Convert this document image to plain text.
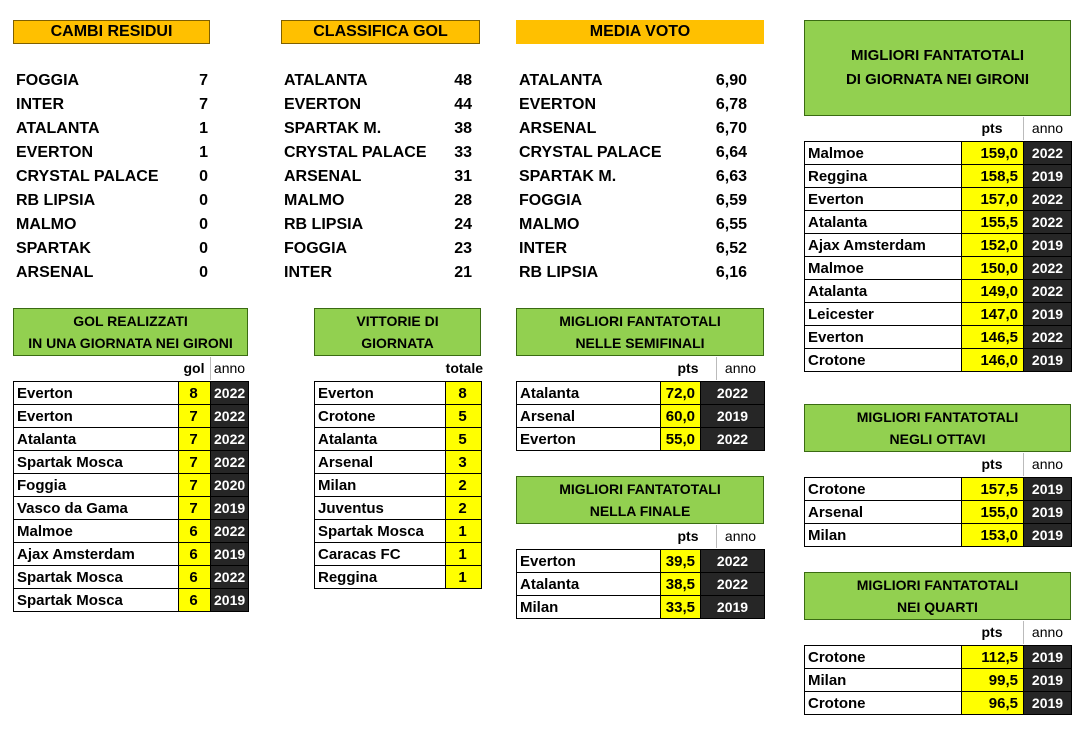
CAMBI RESIDUI	CLASSIFICA GOL	MEDIA VOTO
FOGGIA	7
INTER	7
ATALANTA	1
EVERTON	1
CRYSTAL PALACE	0
RB LIPSIA	0
MALMO	0
SPARTAK	0
ARSENAL	0
ATALANTA	48
EVERTON	44
SPARTAK M.	38
CRYSTAL PALACE 33
ARSENAL	31
MALMO	28
RB LIPSIA	24
FOGGIA	23
INTER	21
ATALANTA	6,90
EVERTON	6,78
ARSENAL	6,70
CRYSTAL PALACE	6,64
SPARTAK M.	6,63
FOGGIA	6,59
MALMO	6,55
INTER	6,52
RB LIPSIA	6,16
GOL REALIZZATI
IN UNA GIORNATA NEI GIRONI
gol anno
Everton	8	2022
Everton	7	2022
Atalanta	7	2022
Spartak Mosca	7	2022
Foggia	7	2020
Vasco da Gama	7	2019
Malmoe	6	2022
Ajax Amsterdam	6	2019
Spartak Mosca	6	2022
Spartak Mosca	6	2019
VITTORIE DI
GIORNATA
totale
Everton	8
Crotone	5
Atalanta	5
Arsenal	3
Milan	2
Juventus	2
Spartak Mosca	1
Caracas FC	1
Reggina	1
MIGLIORI FANTATOTALI
NELLE SEMIFINALI
pts	anno
Atalanta	72,0	2022
Arsenal	60,0	2019
Everton	55,0	2022
MIGLIORI FANTATOTALI
NELLA FINALE
pts	anno
Everton	39,5	2022
Atalanta	38,5	2022
Milan	33,5	2019
MIGLIORI FANTATOTALI
DI GIORNATA NEI GIRONI
pts	anno
Malmoe	159,0	2022
Reggina	158,5	2019
Everton	157,0	2022
Atalanta	155,5	2022
Ajax Amsterdam	152,0	2019
Malmoe	150,0	2022
Atalanta	149,0	2022
Leicester	147,0	2019
Everton	146,5	2022
Crotone	146,0	2019
MIGLIORI FANTATOTALI
NEGLI OTTAVI
pts	anno
Crotone	157,5	2019
Arsenal	155,0	2019
Milan	153,0	2019
MIGLIORI FANTATOTALI
NEI QUARTI
pts	anno
Crotone	112,5	2019
Milan	99,5	2019
Crotone	96,5	2019
